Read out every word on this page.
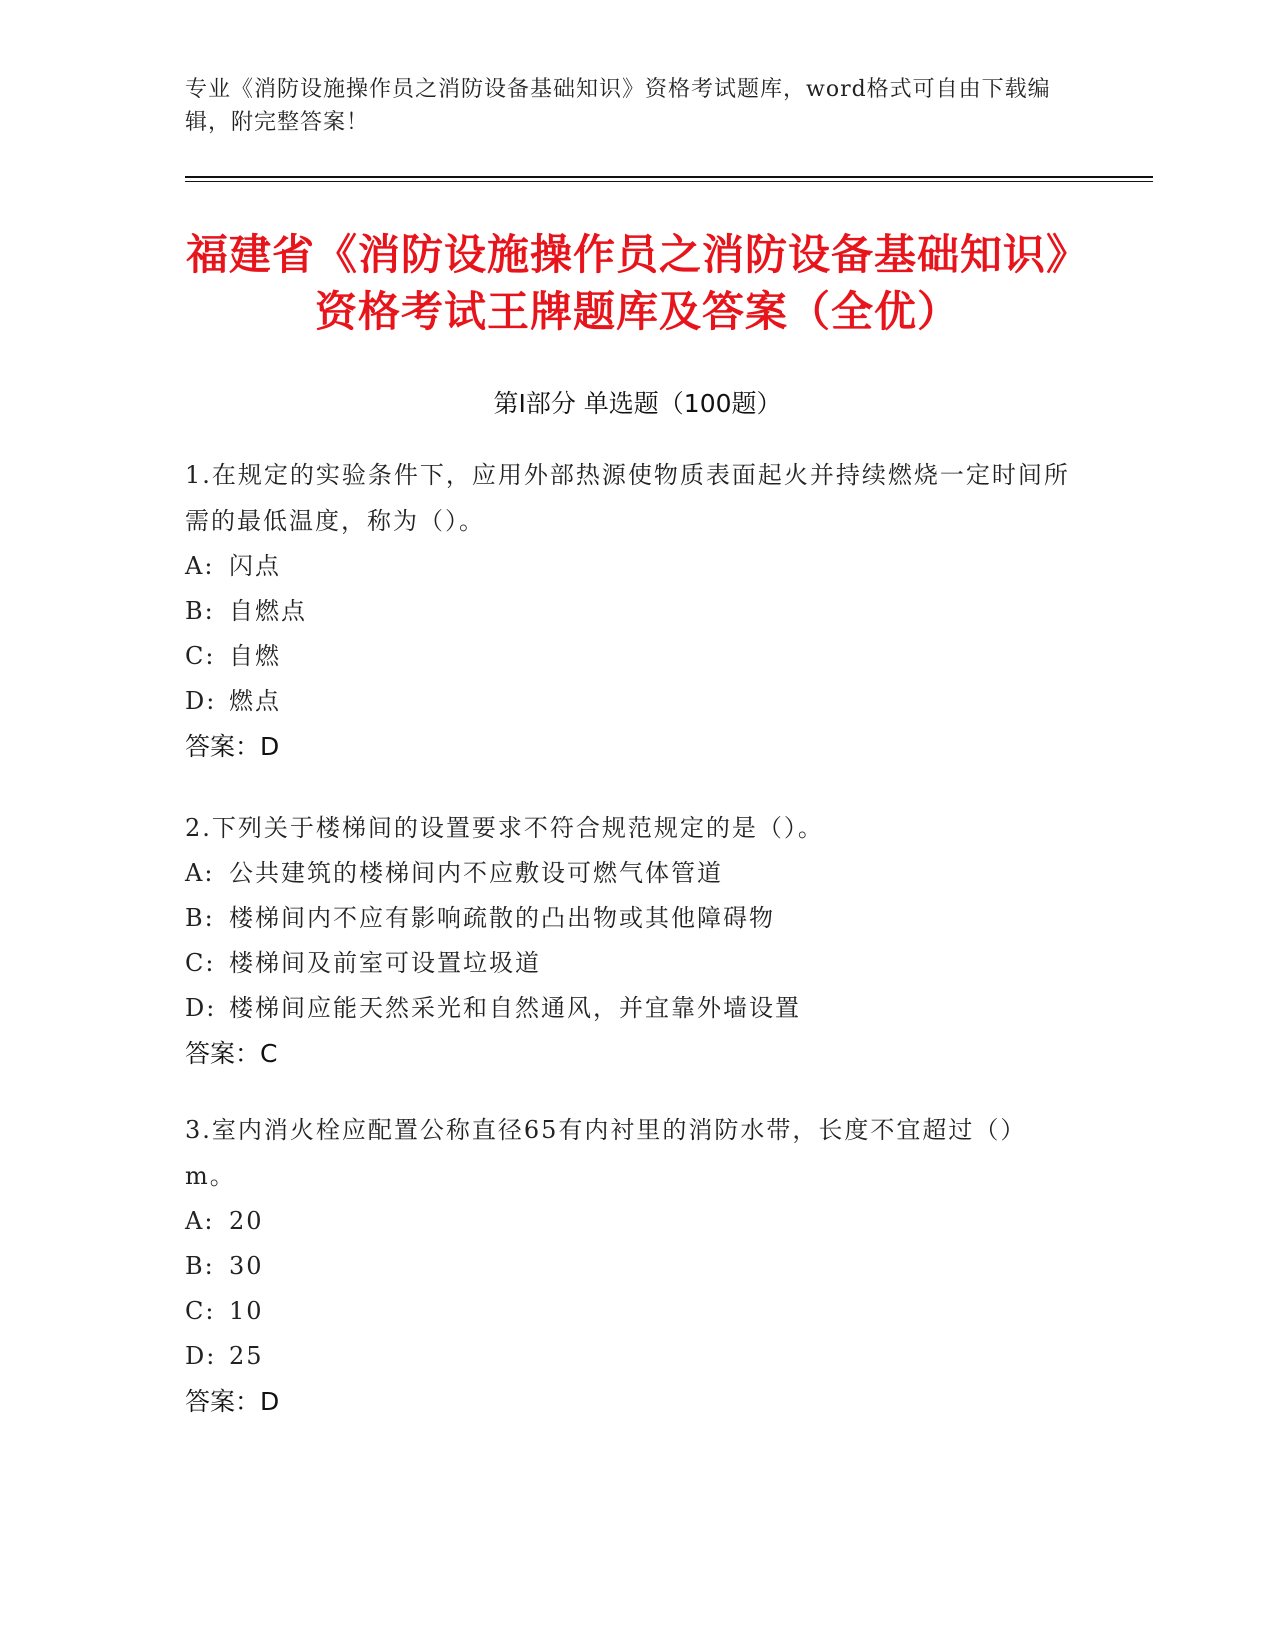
专业《消防设施操作员之消防设备基础知识》资格考试题库，word格式可自由下载编辑，附完整答案！
福建省《消防设施操作员之消防设备基础知识》资格考试王牌题库及答案（全优）
第Ⅰ部分 单选题（100题）
1.在规定的实验条件下，应用外部热源使物质表面起火并持续燃烧一定时间所需的最低温度，称为（）。
A: 闪点
B: 自燃点
C: 自燃
D: 燃点
答案：D
2.下列关于楼梯间的设置要求不符合规范规定的是（）。
A: 公共建筑的楼梯间内不应敷设可燃气体管道
B: 楼梯间内不应有影响疏散的凸出物或其他障碍物
C: 楼梯间及前室可设置垃圾道
D: 楼梯间应能天然采光和自然通风，并宜靠外墙设置
答案：C
3.室内消火栓应配置公称直径65有内衬里的消防水带，长度不宜超过（）m。
A: 20
B: 30
C: 10
D: 25
答案：D
